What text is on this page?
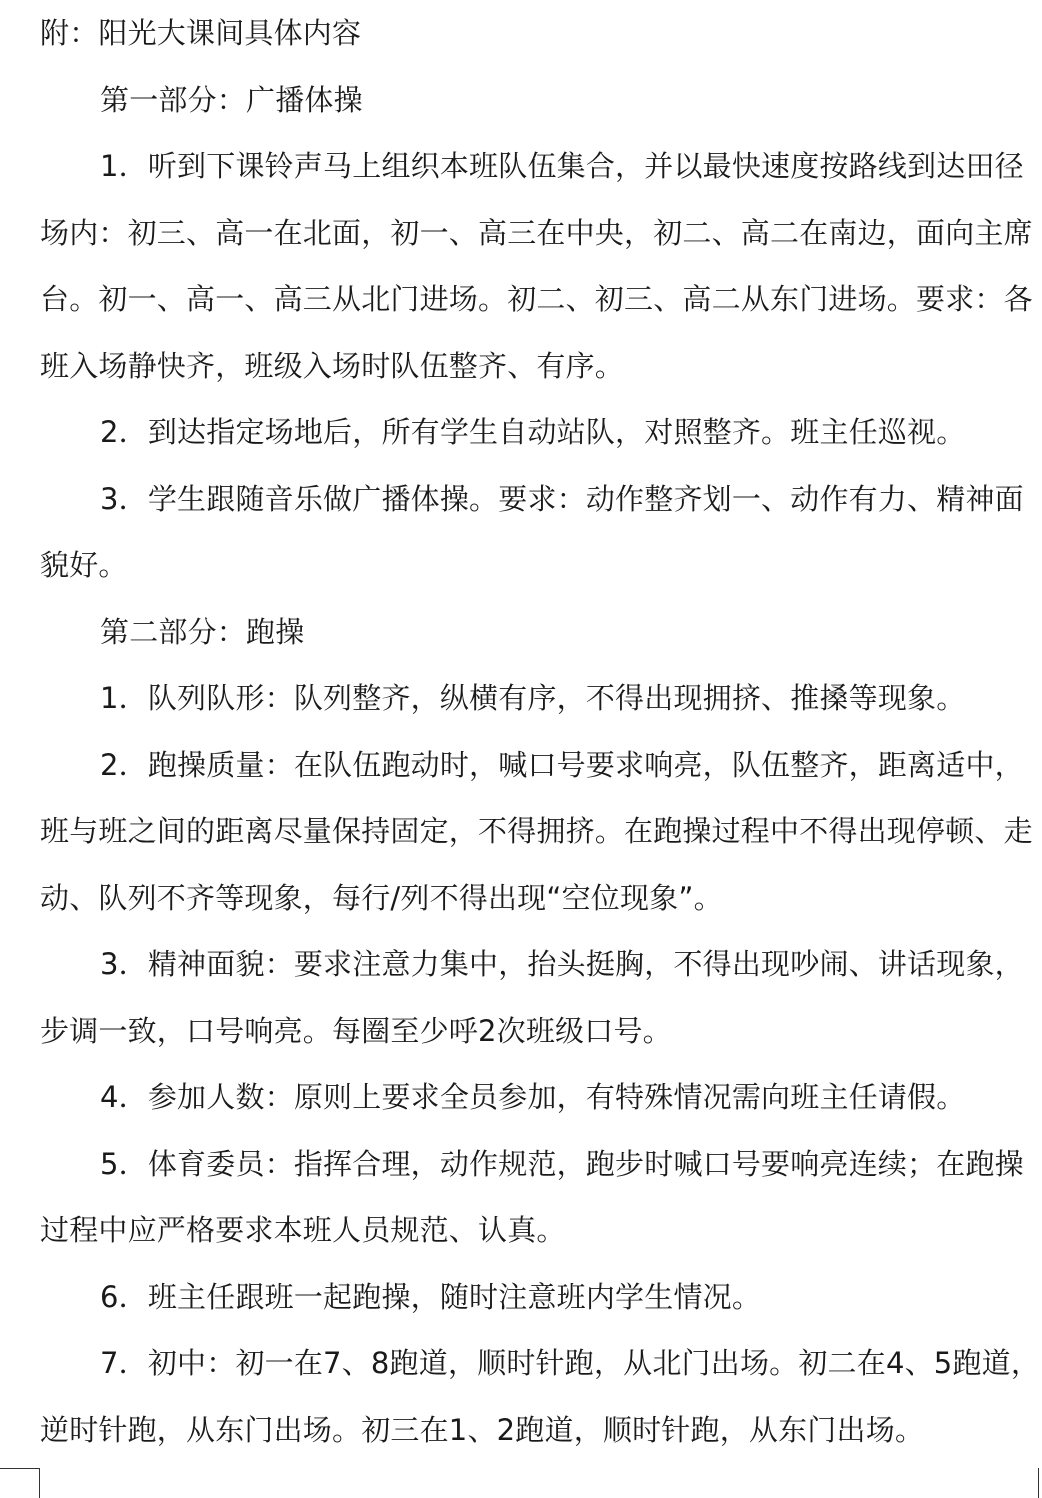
附：阳光大课间具体内容
第一部分：广播体操
1．听到下课铃声马上组织本班队伍集合，并以最快速度按路线到达田径
场内：初三、高一在北面，初一、高三在中央，初二、高二在南边，面向主席
台。初一、高一、高三从北门进场。初二、初三、高二从东门进场。要求：各
班入场静快齐，班级入场时队伍整齐、有序。
2．到达指定场地后，所有学生自动站队，对照整齐。班主任巡视。
3．学生跟随音乐做广播体操。要求：动作整齐划一、动作有力、精神面
貌好。
第二部分：跑操
1．队列队形：队列整齐，纵横有序，不得出现拥挤、推搡等现象。
2．跑操质量：在队伍跑动时，喊口号要求响亮，队伍整齐，距离适中，
班与班之间的距离尽量保持固定，不得拥挤。在跑操过程中不得出现停顿、走
动、队列不齐等现象，每行/列不得出现“空位现象”。
3．精神面貌：要求注意力集中，抬头挺胸，不得出现吵闹、讲话现象，
步调一致，口号响亮。每圈至少呼2次班级口号。
4．参加人数：原则上要求全员参加，有特殊情况需向班主任请假。
5．体育委员：指挥合理，动作规范，跑步时喊口号要响亮连续；在跑操
过程中应严格要求本班人员规范、认真。
6．班主任跟班一起跑操，随时注意班内学生情况。
7．初中：初一在7、8跑道，顺时针跑，从北门出场。初二在4、5跑道，
逆时针跑，从东门出场。初三在1、2跑道，顺时针跑，从东门出场。
